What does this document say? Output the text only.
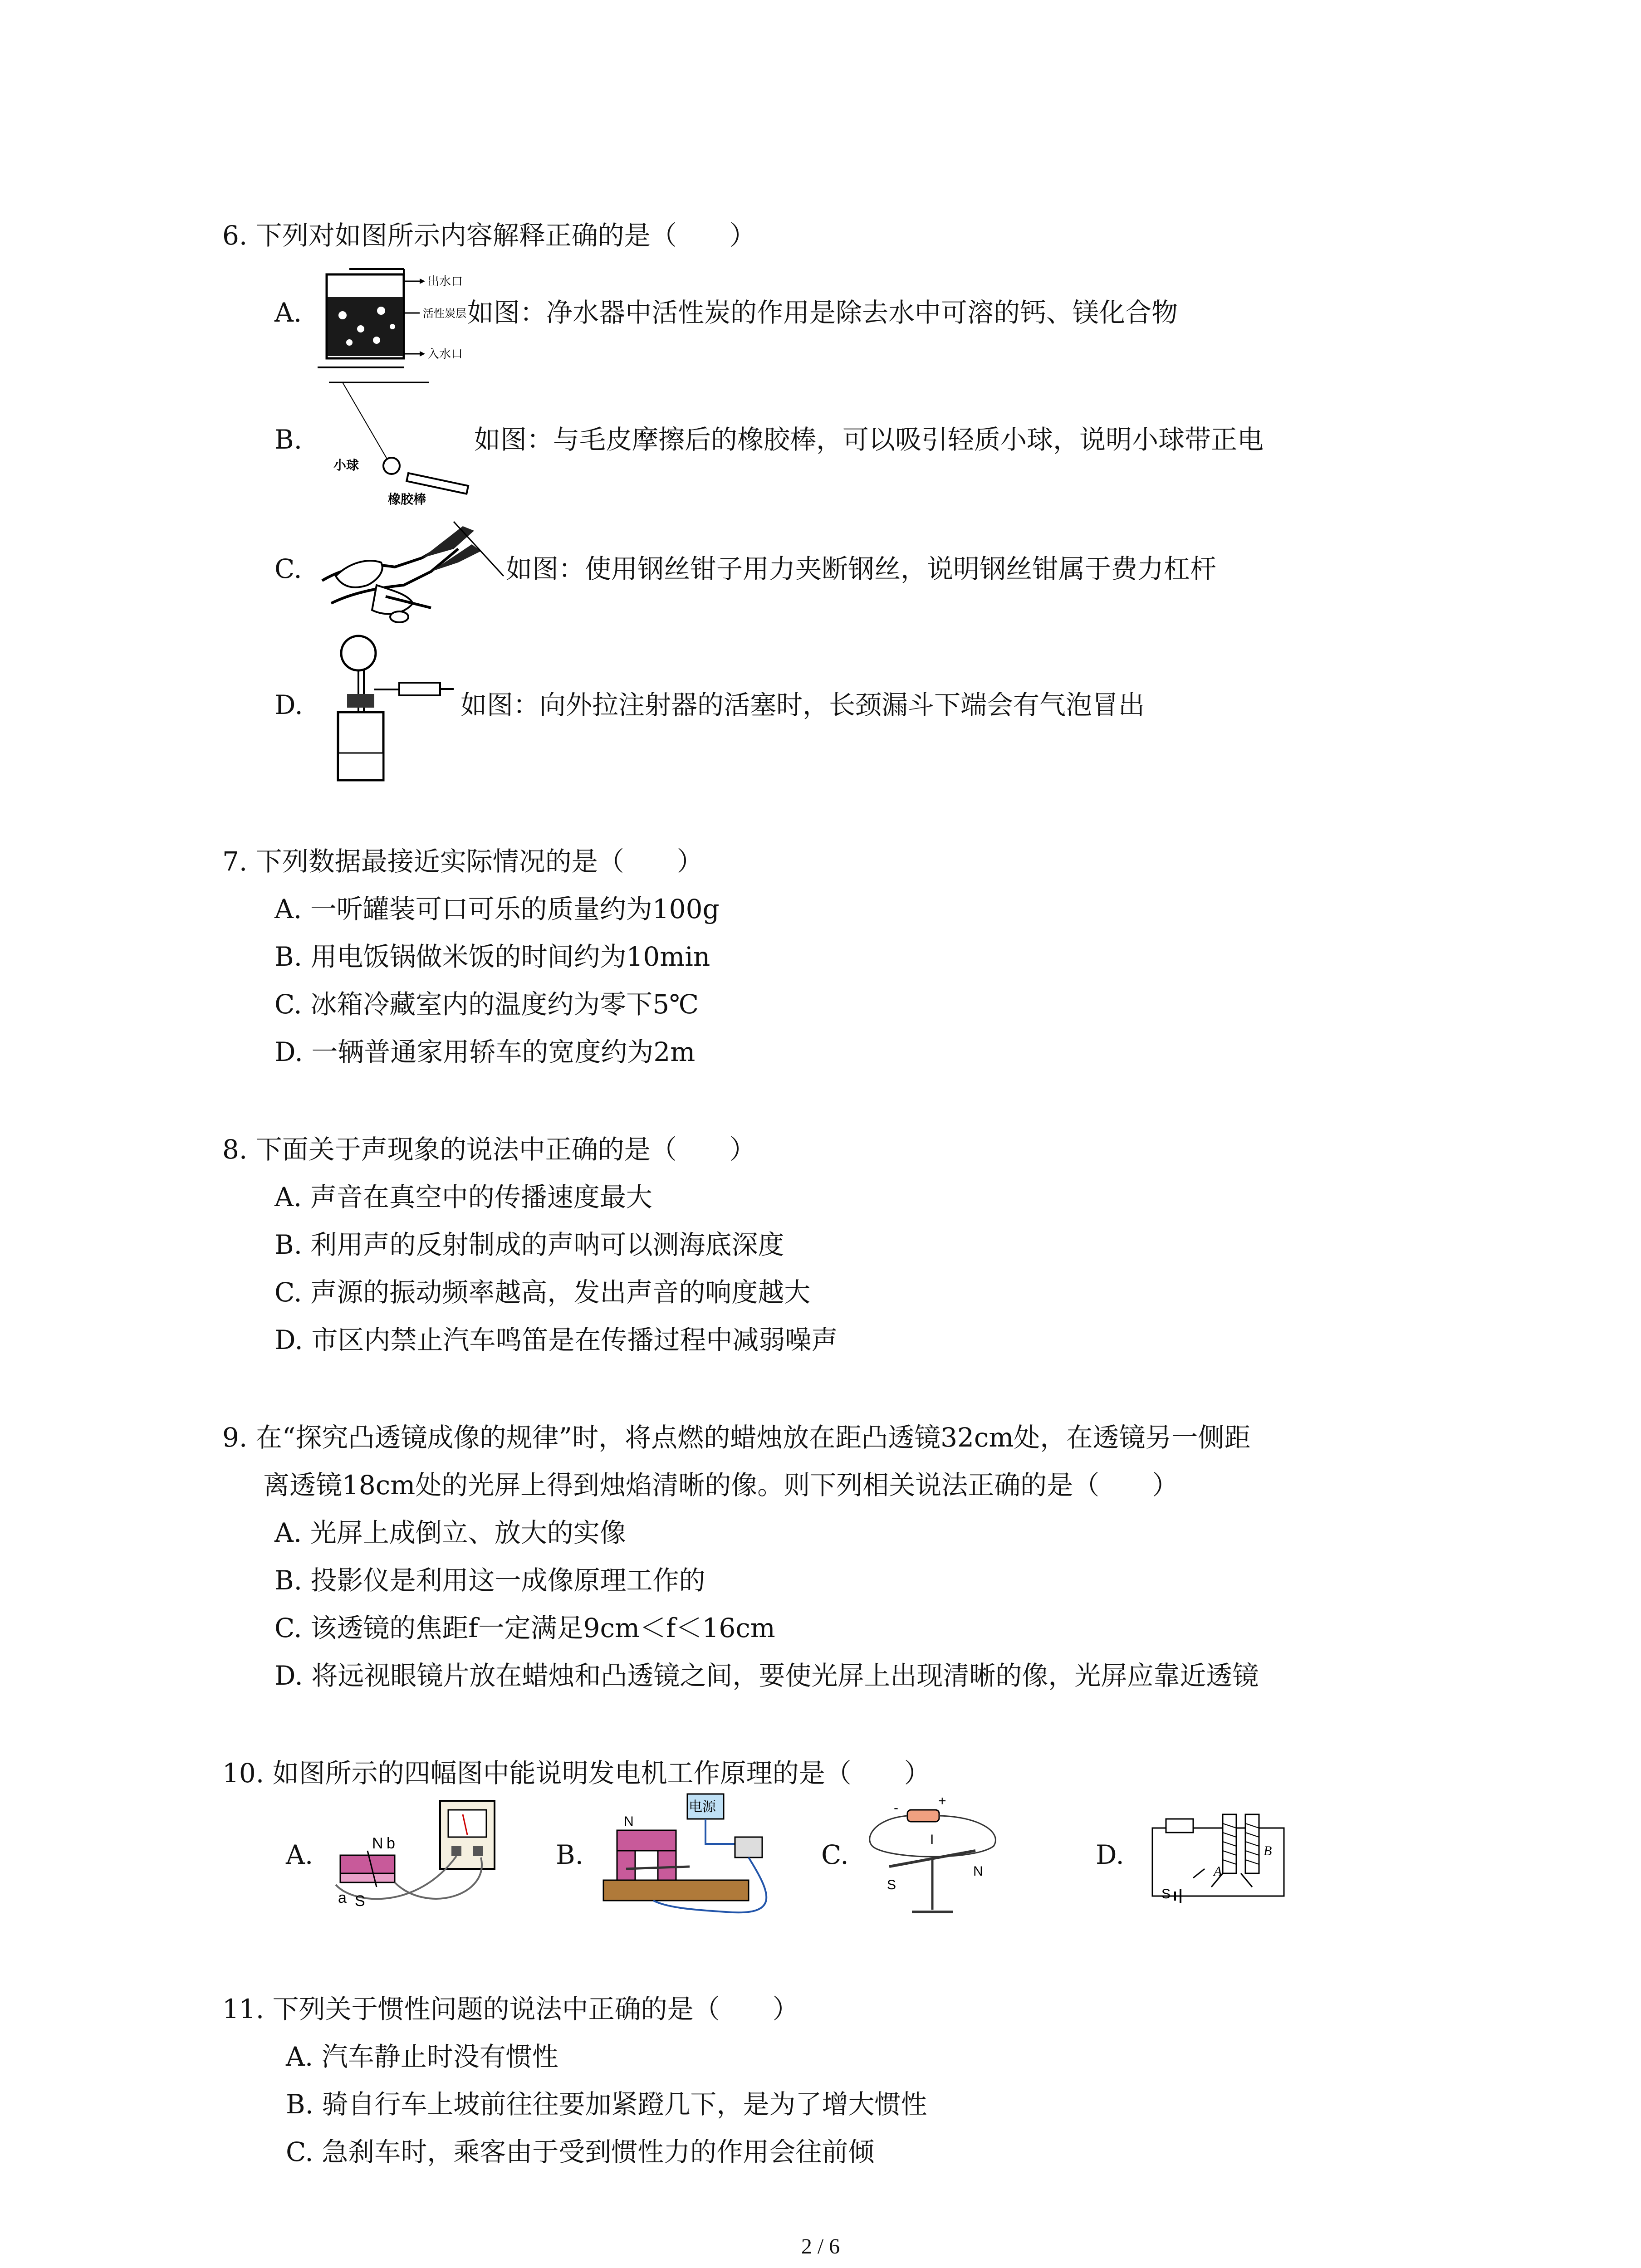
6. 下列对如图所示内容解释正确的是（　　）
A.
出水口
活性炭层
入水口
如图：净水器中活性炭的作用是除去水中可溶的钙、镁化合物
B.
小球
橡胶棒
如图：与毛皮摩擦后的橡胶棒，可以吸引轻质小球，说明小球带正电
C.	如图：使用钢丝钳子用力夹断钢丝，说明钢丝钳属于费力杠杆
D.	如图：向外拉注射器的活塞时，长颈漏斗下端会有气泡冒出
7. 下列数据最接近实际情况的是（　　）
A. 一听罐装可口可乐的质量约为100g
B. 用电饭锅做米饭的时间约为10min
C. 冰箱冷藏室内的温度约为零下5℃
D. 一辆普通家用轿车的宽度约为2m
8. 下面关于声现象的说法中正确的是（　　）
A. 声音在真空中的传播速度最大
B. 利用声的反射制成的声呐可以测海底深度
C. 声源的振动频率越高，发出声音的响度越大
D. 市区内禁止汽车鸣笛是在传播过程中减弱噪声
9. 在“探究凸透镜成像的规律”时，将点燃的蜡烛放在距凸透镜32cm处，在透镜另一侧距
离透镜18cm处的光屏上得到烛焰清晰的像。则下列相关说法正确的是（　　）
A. 光屏上成倒立、放大的实像
B. 投影仪是利用这一成像原理工作的
C. 该透镜的焦距f一定满足9cm＜f＜16cm
D. 将远视眼镜片放在蜡烛和凸透镜之间，要使光屏上出现清晰的像，光屏应靠近透镜
10. 如图所示的四幅图中能说明发电机工作原理的是（　　）
A.	N b
a S
B.
电源
N
C.
-	+
I
S
N
D.
A
B
S
11. 下列关于惯性问题的说法中正确的是（　　）
A. 汽车静止时没有惯性
B. 骑自行车上坡前往往要加紧蹬几下，是为了增大惯性
C. 急刹车时，乘客由于受到惯性力的作用会往前倾
2 / 6
